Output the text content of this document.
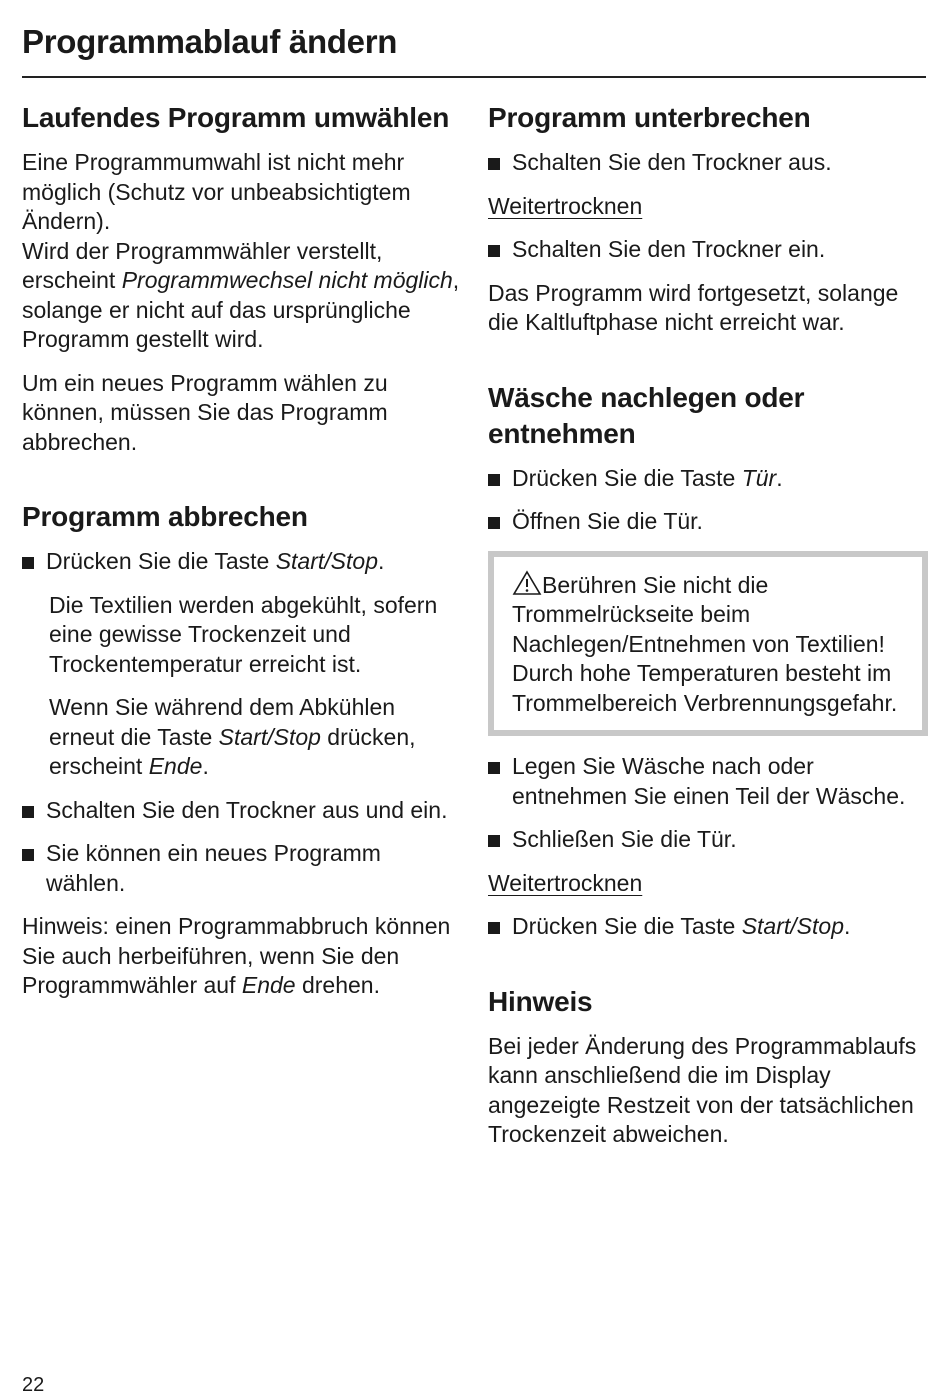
Programmablauf ändern
Laufendes Programm umwählen

Eine Programmumwahl ist nicht mehr möglich (Schutz vor unbeabsichtigtem Ändern).

Wird der Programmwähler verstellt, erscheint Programmwechsel nicht möglich, solange er nicht auf das ursprüngliche Programm gestellt wird.

Um ein neues Programm wählen zu können, müssen Sie das Programm abbrechen.

Programm abbrechen
Drücken Sie die Taste Start/Stop.

Die Textilien werden abgekühlt, sofern eine gewisse Trockenzeit und Trockentemperatur erreicht ist.

Wenn Sie während dem Abkühlen erneut die Taste Start/Stop drücken, erscheint Ende.

Schalten Sie den Trockner aus und ein.
Sie können ein neues Programm wählen.

Hinweis: einen Programmabbruch können Sie auch herbeiführen, wenn Sie den Programmwähler auf Ende drehen.

Programm unterbrechen
Schalten Sie den Trockner aus.

Weitertrocknen

Schalten Sie den Trockner ein.

Das Programm wird fortgesetzt, solange die Kaltluftphase nicht erreicht war.

Wäsche nachlegen oder entnehmen
Drücken Sie die Taste Tür.
Öffnen Sie die Tür.
Berühren Sie nicht die Trommelrückseite beim Nachlegen/Entnehmen von Textilien! Durch hohe Temperaturen besteht im Trommelbereich Verbrennungsgefahr.
Legen Sie Wäsche nach oder entnehmen Sie einen Teil der Wäsche.
Schließen Sie die Tür.

Weitertrocknen

Drücken Sie die Taste Start/Stop.
Hinweis

Bei jeder Änderung des Programmablaufs kann anschließend die im Display angezeigte Restzeit von der tatsächlichen Trockenzeit abweichen.

22
